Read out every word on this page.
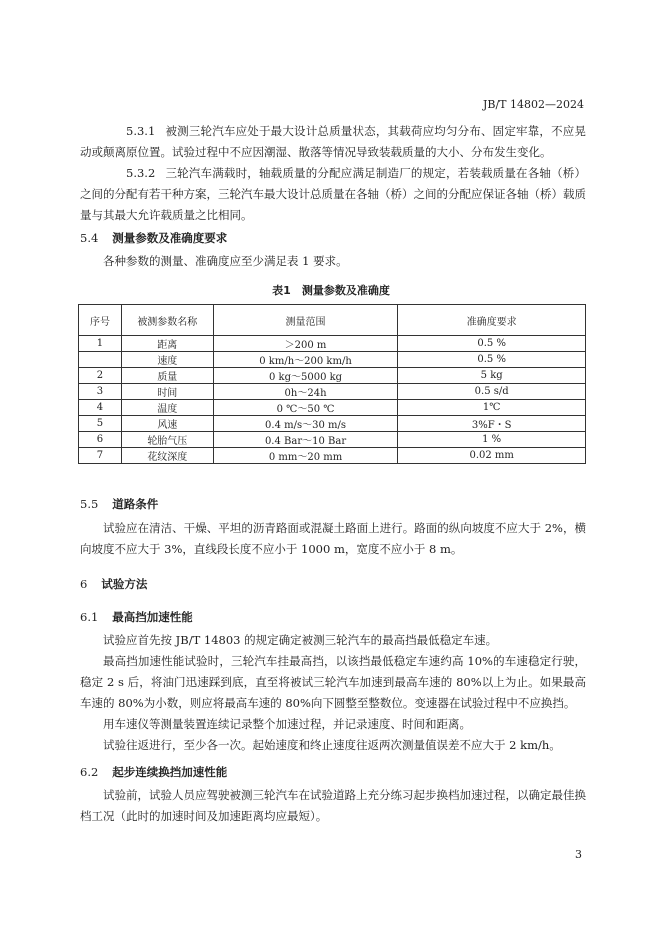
JB/T 14802—2024
5.3.1 被测三轮汽车应处于最大设计总质量状态，其载荷应均匀分布、固定牢靠，不应晃动或颠离原位置。试验过程中不应因潮湿、散落等情况导致装载质量的大小、分布发生变化。
5.3.2 三轮汽车满载时，轴载质量的分配应满足制造厂的规定，若装载质量在各轴（桥）之间的分配有若干种方案，三轮汽车最大设计总质量在各轴（桥）之间的分配应保证各轴（桥）载质量与其最大允许载质量之比相同。
5.4 测量参数及准确度要求
各种参数的测量、准确度应至少满足表 1 要求。
表1　测量参数及准确度
序号	被测参数名称	测量范围	准确度要求
1	距离	＞200 m	0.5 %
	速度	0 km/h～200 km/h	0.5 %
2	质量	0 kg～5000 kg	5 kg
3	时间	0h～24h	0.5 s/d
4	温度	0 ℃～50 ℃	1℃
5	风速	0.4 m/s～30 m/s	3%F・S
6	轮胎气压	0.4 Bar～10 Bar	1 %
7	花纹深度	0 mm～20 mm	0.02 mm
5.5 道路条件
试验应在清洁、干燥、平坦的沥青路面或混凝土路面上进行。路面的纵向坡度不应大于 2%，横向坡度不应大于 3%，直线段长度不应小于 1000 m，宽度不应小于 8 m。
6 试验方法
6.1 最高挡加速性能
试验应首先按 JB/T 14803 的规定确定被测三轮汽车的最高挡最低稳定车速。
最高挡加速性能试验时，三轮汽车挂最高挡，以该挡最低稳定车速约高 10%的车速稳定行驶，稳定 2 s 后，将油门迅速踩到底，直至将被试三轮汽车加速到最高车速的 80%以上为止。如果最高车速的 80%为小数，则应将最高车速的 80%向下圆整至整数位。变速器在试验过程中不应换挡。
用车速仪等测量装置连续记录整个加速过程，并记录速度、时间和距离。
试验往返进行，至少各一次。起始速度和终止速度往返两次测量值误差不应大于 2 km/h。
6.2 起步连续换挡加速性能
试验前，试验人员应驾驶被测三轮汽车在试验道路上充分练习起步换档加速过程，以确定最佳换档工况（此时的加速时间及加速距离均应最短）。
3
